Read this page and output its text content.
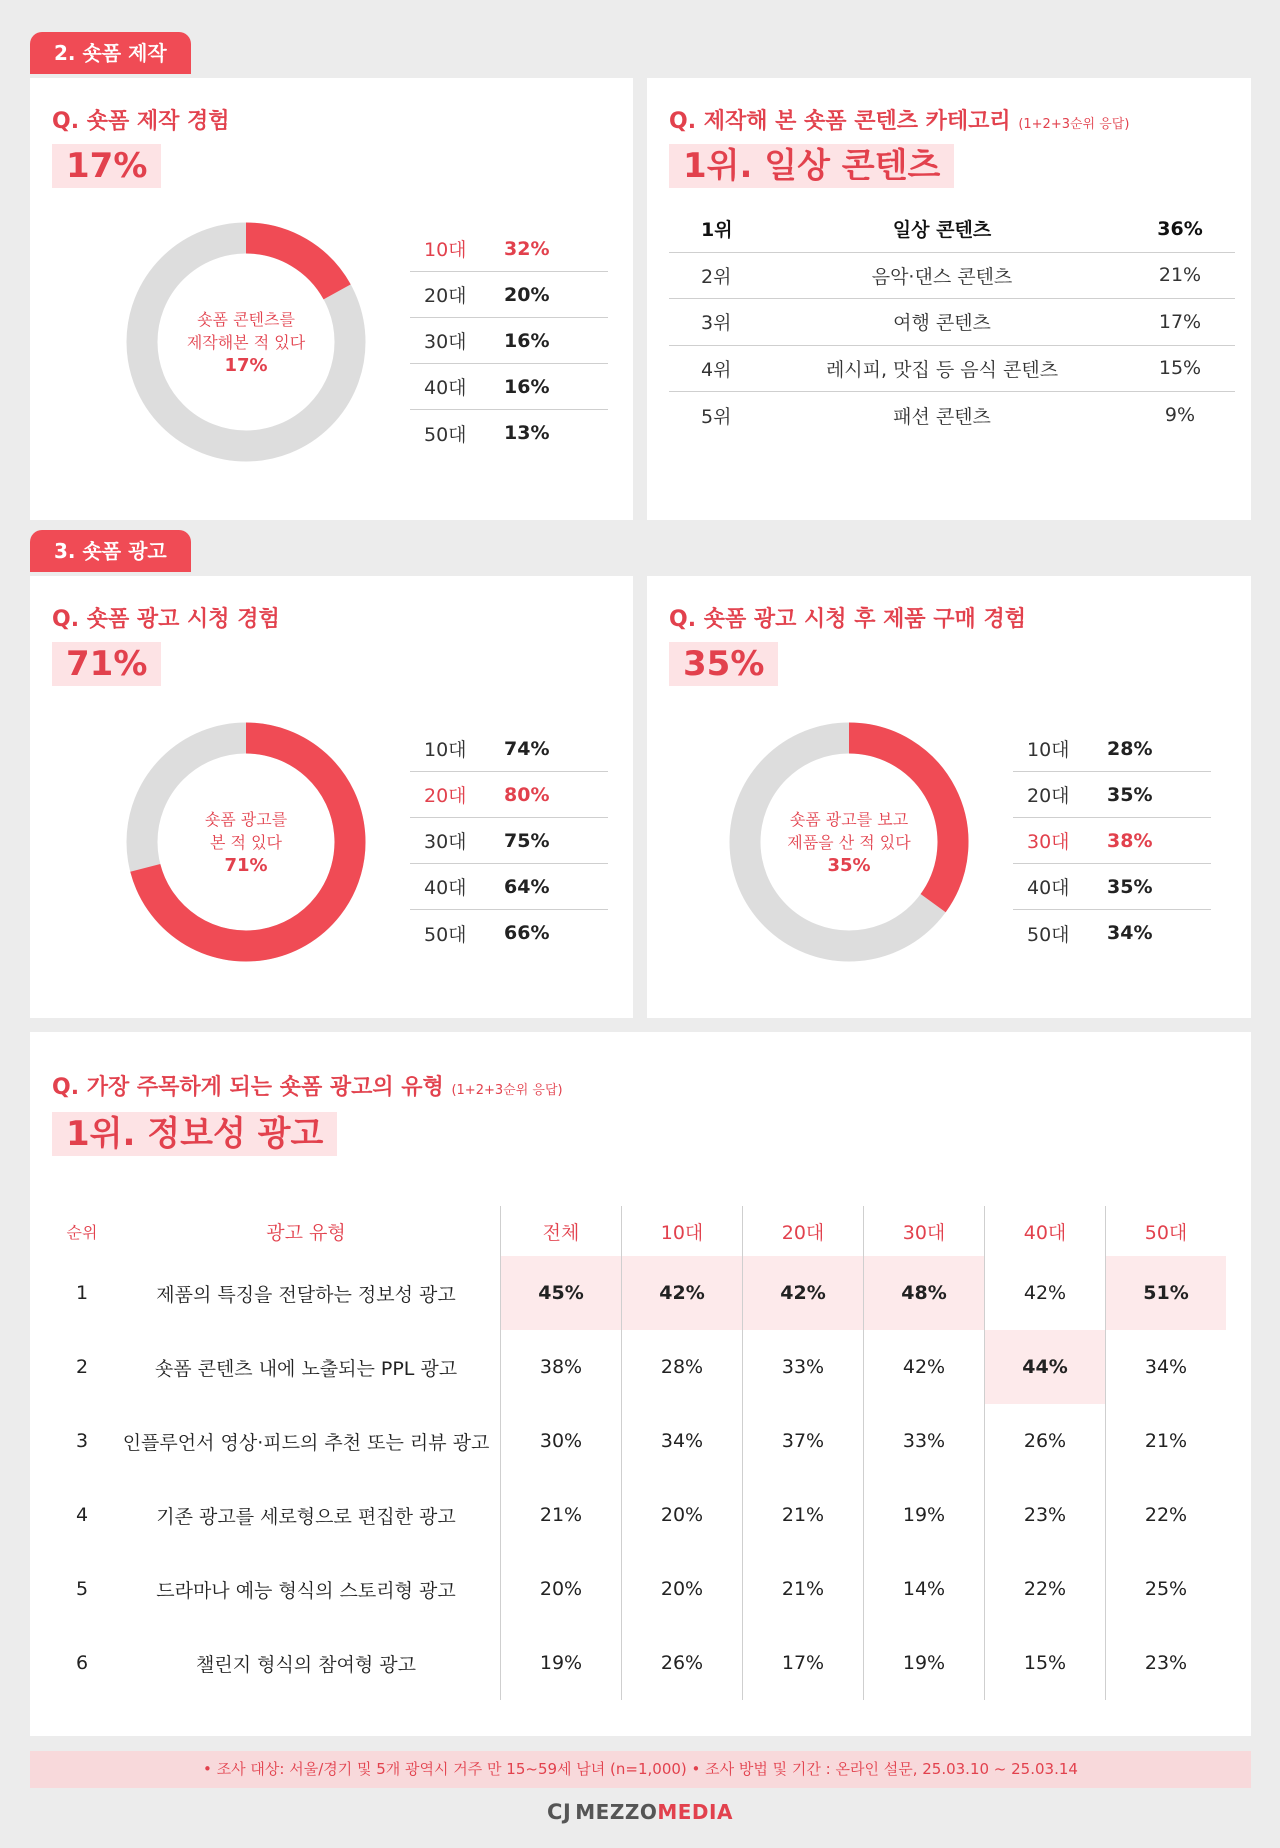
2. 숏폼 제작
Q. 숏폼 제작 경험
17%
숏폼 콘텐츠를
제작해본 적 있다
17%
10대	32%
20대	20%
30대	16%
40대	16%
50대	13%
Q. 제작해 본 숏폼 콘텐츠 카테고리 (1+2+3순위 응답)
1위. 일상 콘텐츠
1위	일상 콘텐츠	36%
2위	음악·댄스 콘텐츠	21%
3위	여행 콘텐츠	17%
4위	레시피, 맛집 등 음식 콘텐츠	15%
5위	패션 콘텐츠	9%
3. 숏폼 광고
Q. 숏폼 광고 시청 경험
71%
숏폼 광고를
본 적 있다
71%
10대	74%
20대	80%
30대	75%
40대	64%
50대	66%
Q. 숏폼 광고 시청 후 제품 구매 경험
35%
숏폼 광고를 보고
제품을 산 적 있다
35%
10대	28%
20대	35%
30대	38%
40대	35%
50대	34%
Q. 가장 주목하게 되는 숏폼 광고의 유형 (1+2+3순위 응답)
1위. 정보성 광고
순위	광고 유형	전체	10대	20대	30대	40대	50대
1	제품의 특징을 전달하는 정보성 광고	45%	42%	42%	48%	42%	51%
2	숏폼 콘텐츠 내에 노출되는 PPL 광고	38%	28%	33%	42%	44%	34%
3	인플루언서 영상·피드의 추천 또는 리뷰 광고	30%	34%	37%	33%	26%	21%
4	기존 광고를 세로형으로 편집한 광고	21%	20%	21%	19%	23%	22%
5	드라마나 예능 형식의 스토리형 광고	20%	20%	21%	14%	22%	25%
6	챌린지 형식의 참여형 광고	19%	26%	17%	19%	15%	23%
• 조사 대상: 서울/경기 및 5개 광역시 거주 만 15~59세 남녀 (n=1,000) • 조사 방법 및 기간 : 온라인 설문, 25.03.10 ~ 25.03.14
CJ MEZZOMEDIA
